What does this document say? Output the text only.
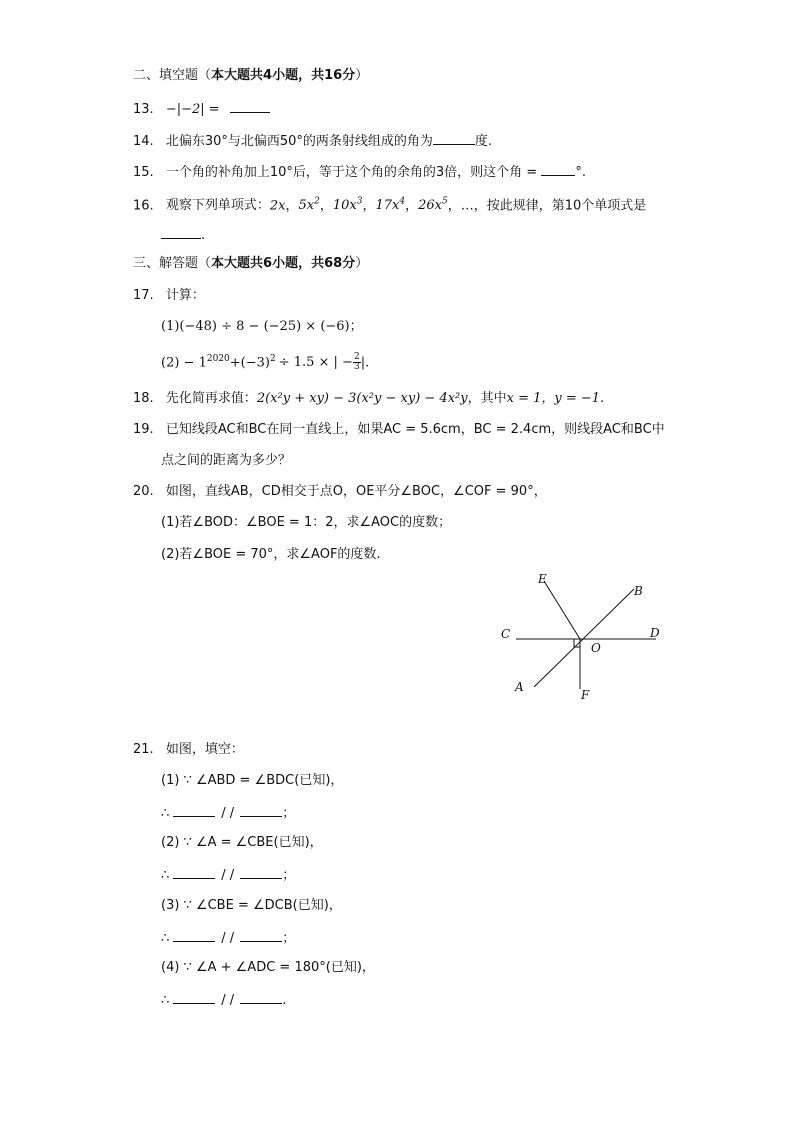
二、填空题（本大题共4小题，共16分）
13. −|−2| =
14. 北偏东30°与北偏西50°的两条射线组成的角为	度.
15. 一个角的补角加上10°后，等于这个角的余角的3倍，则这个角 =	°.
16. 观察下列单项式：2x，$5x^2$，$10x^3$，$17x^4$，$26x^5$，…，按此规律，第10个单项式是
.
三、解答题（本大题共6小题，共68分）
17. 计算：
(1)(−48) ÷ 8 − (−25) × (−6)；
$(2) - 1^{2020}+(-3)^2 \div 1.5$ × | − $\frac{2}{3}$ |.
18. 先化简再求值：2(x²y + xy) − 3(x²y − xy) − 4x²y，其中x = 1，y = −1.
19. 已知线段AC和BC在同一直线上，如果AC = 5.6cm，BC = 2.4cm，则线段AC和BC中
点之间的距离为多少？
20. 如图，直线AB，CD相交于点O，OE平分∠BOC，∠COF = 90°，
(1)若∠BOD：∠BOE = 1：2，求∠AOC的度数；
(2)若∠BOE = 70°，求∠AOF的度数.
E
B
C	D
O
A
F
21. 如图，填空：
(1) ∵ ∠ABD = ∠BDC(已知)，
∴	/ /	；
(2) ∵ ∠A = ∠CBE(已知)，
∴	/ /	；
(3) ∵ ∠CBE = ∠DCB(已知)，
∴	/ /	；
(4) ∵ ∠A + ∠ADC = 180°(已知)，
∴	/ /	.
